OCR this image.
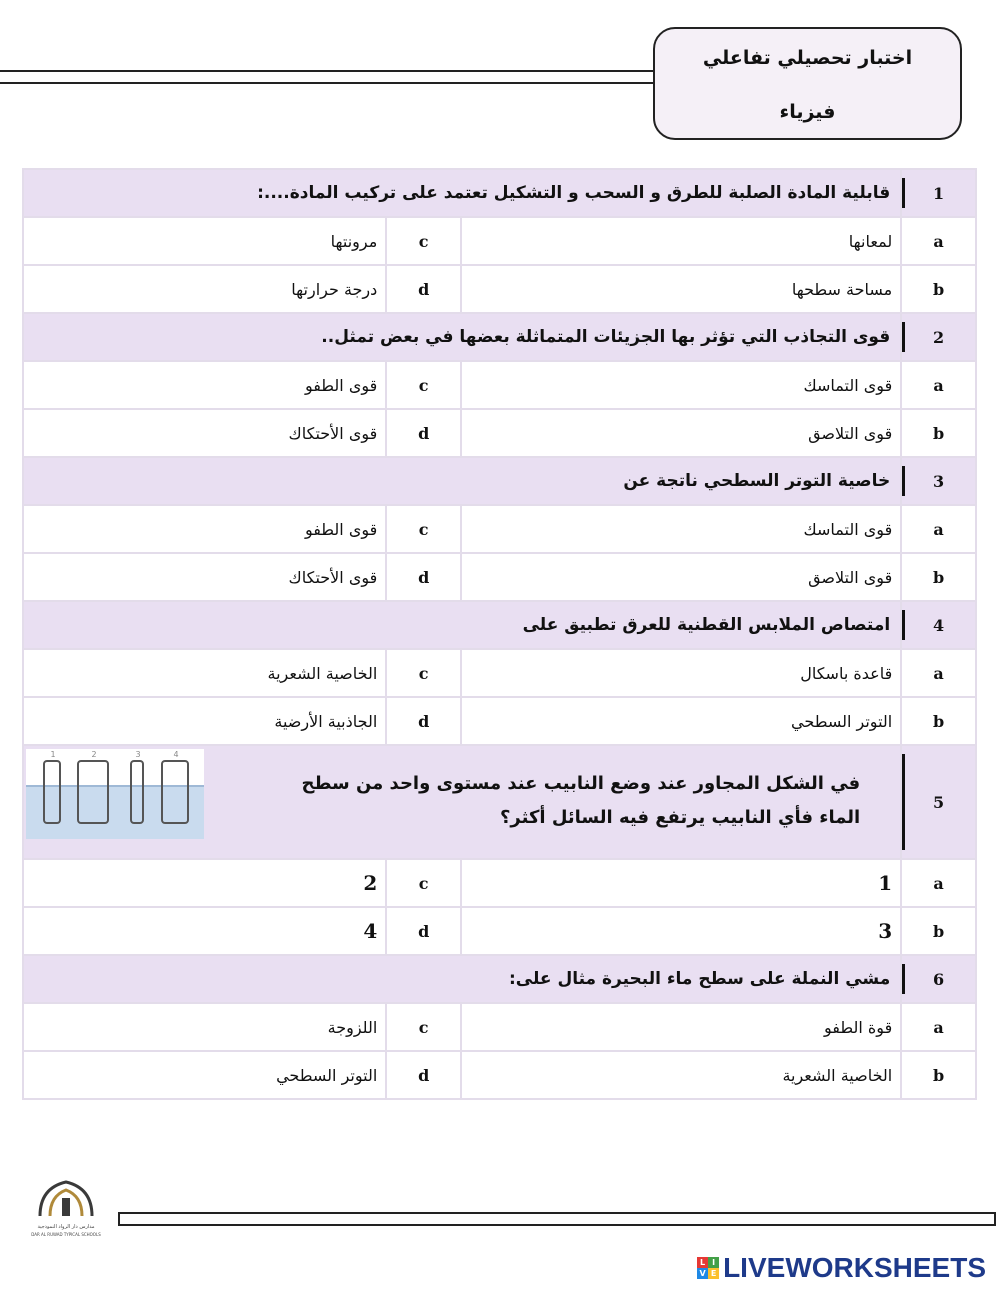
اختبار تحصيلي تفاعلي
فيزياء
1	قابلية المادة الصلبة للطرق و السحب و التشكيل تعتمد على تركيب المادة....:		
a	لمعانها	c	مرونتها
b	مساحة سطحها	d	درجة حرارتها
2	قوى التجاذب التي تؤثر بها الجزيئات المتماثلة بعضها في بعض تمثل..		
a	قوى التماسك	c	قوى الطفو
b	قوى التلاصق	d	قوى الأحتكاك
3	خاصية التوتر السطحي ناتجة عن		
a	قوى التماسك	c	قوى الطفو
b	قوى التلاصق	d	قوى الأحتكاك
4	امتصاص الملابس القطنية للعرق تطبيق على		
a	قاعدة باسكال	c	الخاصية الشعرية
b	التوتر السطحي	d	الجاذبية الأرضية
5	في الشكل المجاور عند وضع النابيب عند مستوى واحد من سطح الماء فأي النابيب يرتفع فيه السائل أكثر؟
1 2 3 4		

a	1	c	2
b	3	d	4
6	مشي النملة على سطح ماء البحيرة مثال على:		
a	قوة الطفو	c	اللزوجة
b	الخاصية الشعرية	d	التوتر السطحي
مدارس دار الرواد النموذجية
DAR AL RUWAD TYPICAL SCHOOLS
L I
V E LIVEWORKSHEETS
